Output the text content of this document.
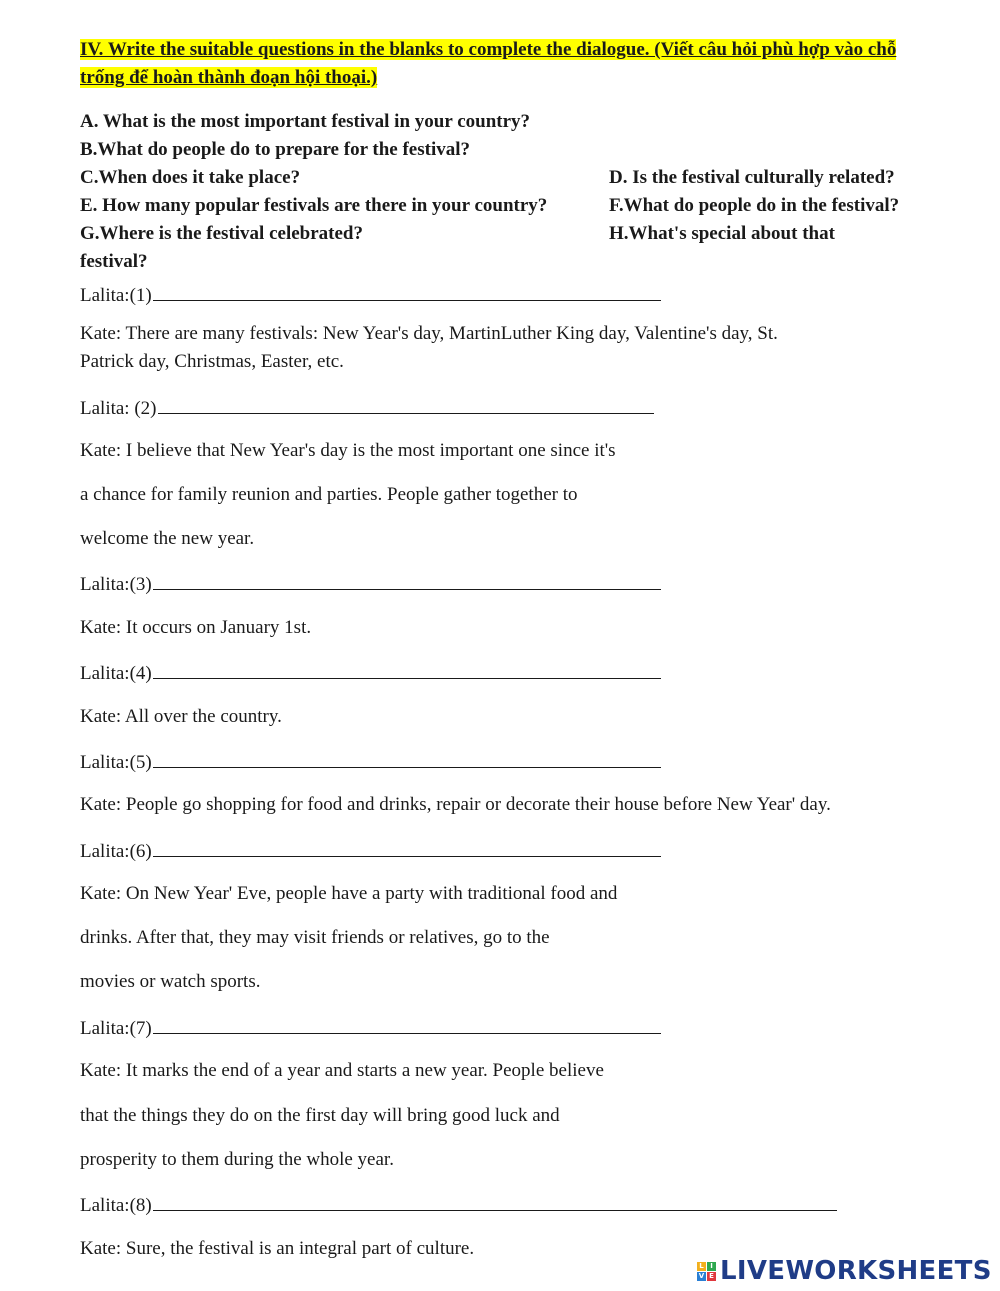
IV. Write the suitable questions in the blanks to complete the dialogue. (Viết câu hỏi phù hợp vào chỗ trống để hoàn thành đoạn hội thoại.)
A. What is the most important festival in your country?
B.What do people do to prepare for the festival?
C.When does it take place?	D. Is the festival culturally related?
E. How many popular festivals are there in your country?	F.What do people do in the festival?
G.Where is the festival celebrated?	H.What's special about that
festival?
Lalita:(1)
Kate: There are many festivals: New Year's day, MartinLuther King day, Valentine's day, St.
Patrick day, Christmas, Easter, etc.
Lalita: (2)
Kate: I believe that New Year's day is the most important one since it's
a chance for family reunion and parties. People gather together to
welcome the new year.
Lalita:(3)
Kate: It occurs on January 1st.
Lalita:(4)
Kate: All over the country.
Lalita:(5)
Kate: People go shopping for food and drinks, repair or decorate their house before New Year' day.
Lalita:(6)
Kate: On New Year' Eve, people have a party with traditional food and
drinks. After that, they may visit friends or relatives, go to the
movies or watch sports.
Lalita:(7)
Kate: It marks the end of a year and starts a new year. People believe
that the things they do on the first day will bring good luck and
prosperity to them during the whole year.
Lalita:(8)
Kate: Sure, the festival is an integral part of culture.
L I
V E LIVEWORKSHEETS
